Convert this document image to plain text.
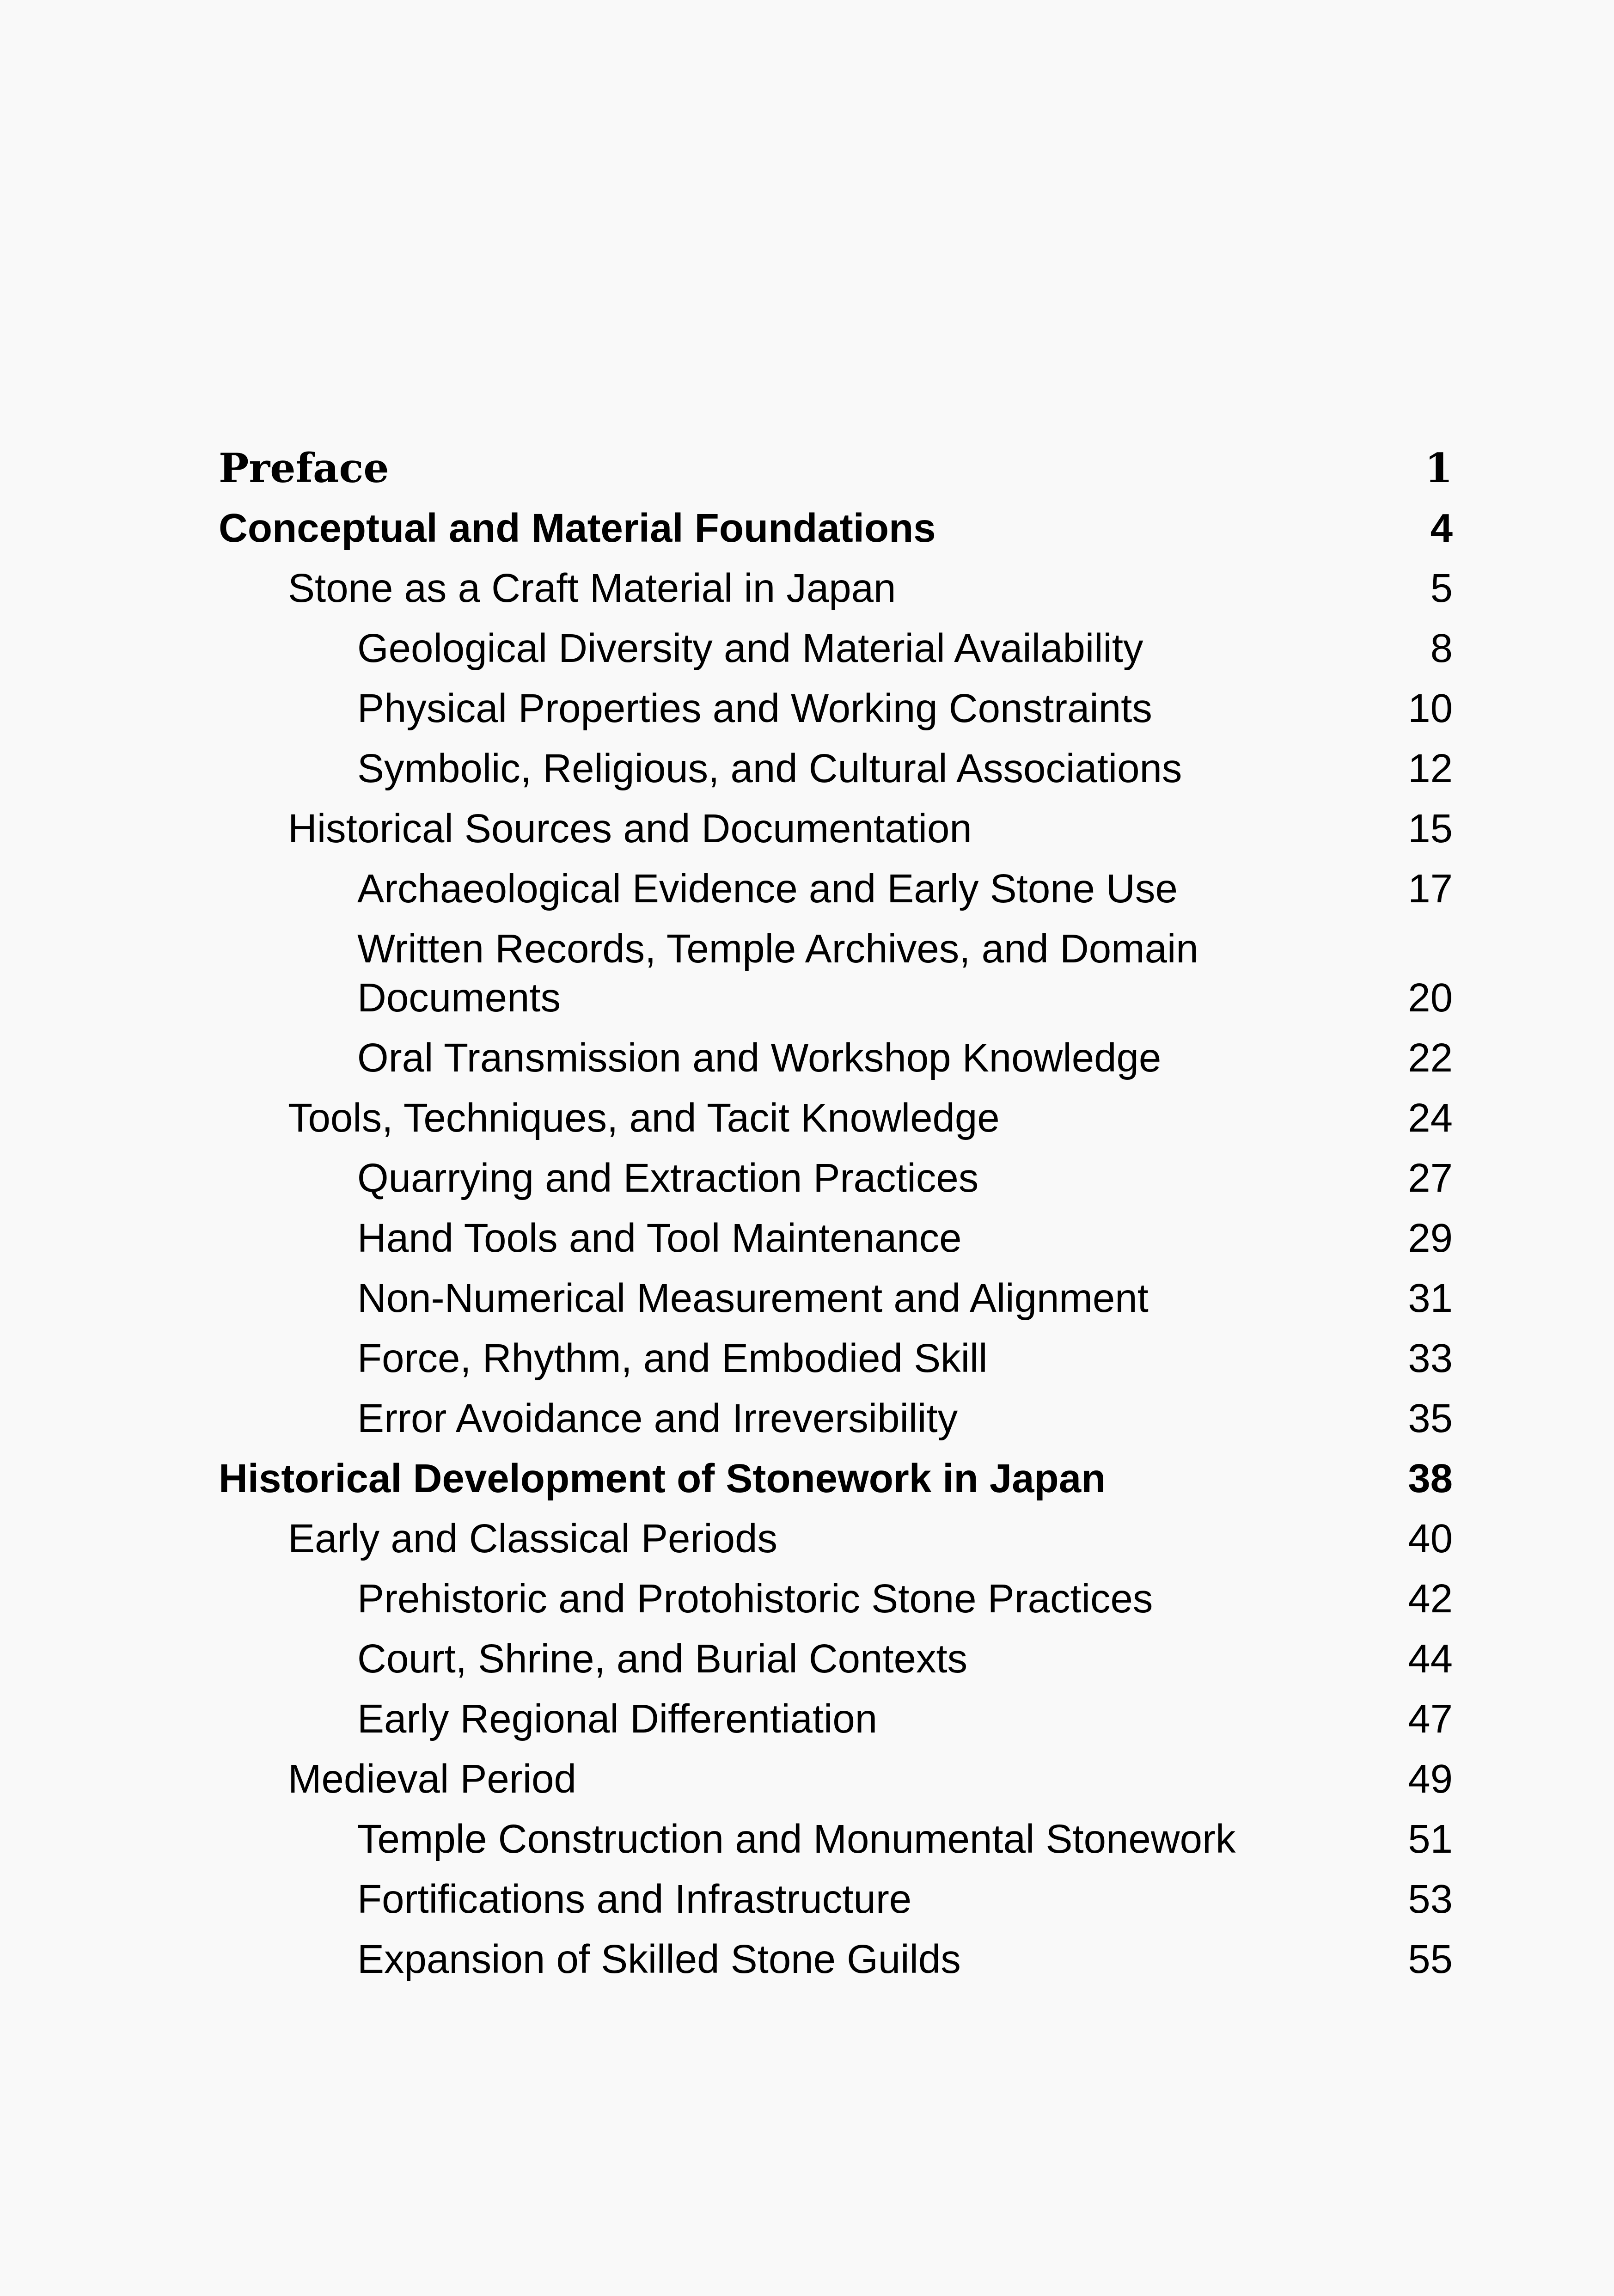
Preface	1
Conceptual and Material Foundations	4
Stone as a Craft Material in Japan	5
Geological Diversity and Material Availability	8
Physical Properties and Working Constraints	10
Symbolic, Religious, and Cultural Associations	12
Historical Sources and Documentation	15
Archaeological Evidence and Early Stone Use	17
Written Records, Temple Archives, and Domain Documents	20
Oral Transmission and Workshop Knowledge	22
Tools, Techniques, and Tacit Knowledge	24
Quarrying and Extraction Practices	27
Hand Tools and Tool Maintenance	29
Non-Numerical Measurement and Alignment	31
Force, Rhythm, and Embodied Skill	33
Error Avoidance and Irreversibility	35
Historical Development of Stonework in Japan	38
Early and Classical Periods	40
Prehistoric and Protohistoric Stone Practices	42
Court, Shrine, and Burial Contexts	44
Early Regional Differentiation	47
Medieval Period	49
Temple Construction and Monumental Stonework	51
Fortifications and Infrastructure	53
Expansion of Skilled Stone Guilds	55
